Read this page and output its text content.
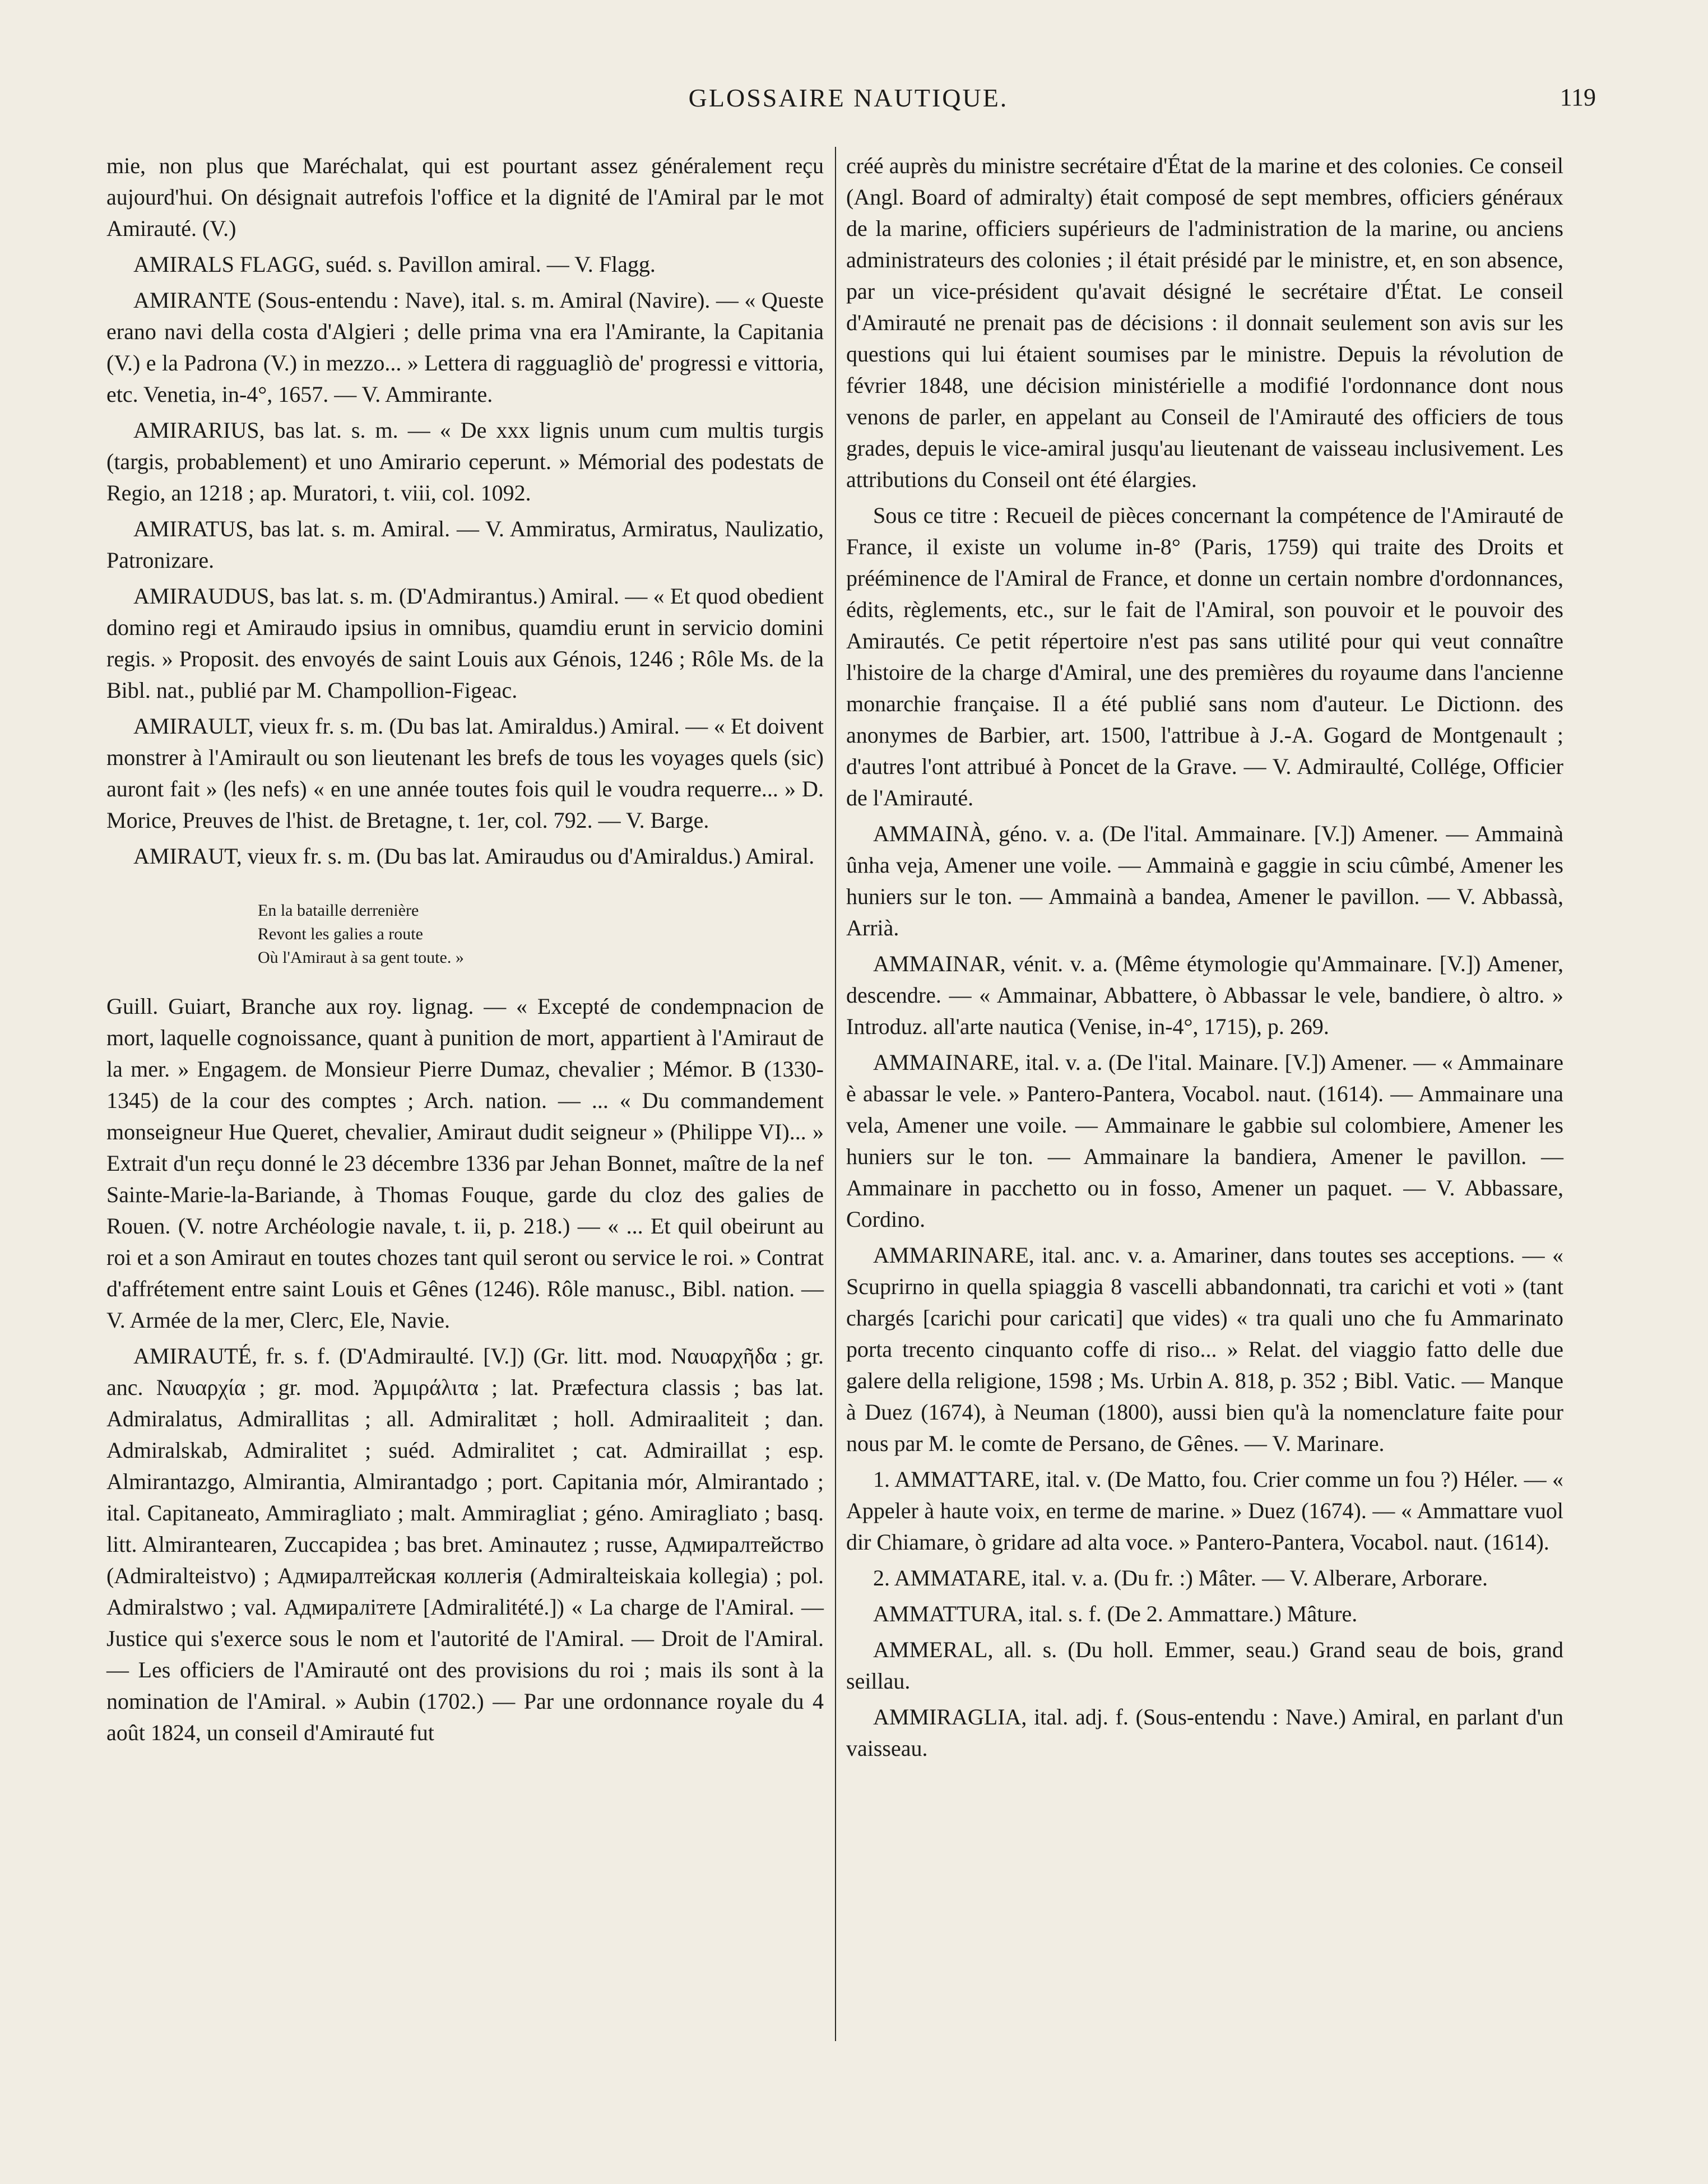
GLOSSAIRE NAUTIQUE.	119

mie, non plus que Maréchalat, qui est pourtant assez généralement reçu aujourd'hui. On désignait autrefois l'office et la dignité de l'Amiral par le mot Amirauté. (V.)

AMIRALS FLAGG, suéd. s. Pavillon amiral. — V. Flagg.

AMIRANTE (Sous-entendu : Nave), ital. s. m. Amiral (Navire). — « Queste erano navi della costa d'Algieri ; delle prima vna era l'Amirante, la Capitania (V.) e la Padrona (V.) in mezzo... » Lettera di ragguagliò de' progressi e vittoria, etc. Venetia, in-4°, 1657. — V. Ammirante.

AMIRARIUS, bas lat. s. m. — « De xxx lignis unum cum multis turgis (targis, probablement) et uno Amirario ceperunt. » Mémorial des podestats de Regio, an 1218 ; ap. Muratori, t. viii, col. 1092.

AMIRATUS, bas lat. s. m. Amiral. — V. Ammiratus, Armiratus, Naulizatio, Patronizare.

AMIRAUDUS, bas lat. s. m. (D'Admirantus.) Amiral. — « Et quod obedient domino regi et Amiraudo ipsius in omnibus, quamdiu erunt in servicio domini regis. » Proposit. des envoyés de saint Louis aux Génois, 1246 ; Rôle Ms. de la Bibl. nat., publié par M. Champollion-Figeac.

AMIRAULT, vieux fr. s. m. (Du bas lat. Amiraldus.) Amiral. — « Et doivent monstrer à l'Amirault ou son lieutenant les brefs de tous les voyages quels (sic) auront fait » (les nefs) « en une année toutes fois quil le voudra requerre... » D. Morice, Preuves de l'hist. de Bretagne, t. 1er, col. 792. — V. Barge.

AMIRAUT, vieux fr. s. m. (Du bas lat. Amiraudus ou d'Amiraldus.) Amiral.

En la bataille derrenière
Revont les galies a route
Où l'Amiraut à sa gent toute. »

Guill. Guiart, Branche aux roy. lignag. — « Excepté de condempnacion de mort, laquelle cognoissance, quant à punition de mort, appartient à l'Amiraut de la mer. » Engagem. de Monsieur Pierre Dumaz, chevalier ; Mémor. B (1330-1345) de la cour des comptes ; Arch. nation. — ... « Du commandement monseigneur Hue Queret, chevalier, Amiraut dudit seigneur » (Philippe VI)... » Extrait d'un reçu donné le 23 décembre 1336 par Jehan Bonnet, maître de la nef Sainte-Marie-la-Bariande, à Thomas Fouque, garde du cloz des galies de Rouen. (V. notre Archéologie navale, t. ii, p. 218.) — « ... Et quil obeirunt au roi et a son Amiraut en toutes chozes tant quil seront ou service le roi. » Contrat d'affrétement entre saint Louis et Gênes (1246). Rôle manusc., Bibl. nation. — V. Armée de la mer, Clerc, Ele, Navie.

AMIRAUTÉ, fr. s. f. (D'Admiraulté. [V.]) (Gr. litt. mod. Ναυαρχῆδα ; gr. anc. Ναυαρχία ; gr. mod. Ἀρμιράλιτα ; lat. Præfectura classis ; bas lat. Admiralatus, Admirallitas ; all. Admiralitæt ; holl. Admiraaliteit ; dan. Admiralskab, Admiralitet ; suéd. Admiralitet ; cat. Admiraillat ; esp. Almirantazgo, Almirantia, Almirantadgo ; port. Capitania mór, Almirantado ; ital. Capitaneato, Ammiragliato ; malt. Ammiragliat ; géno. Amiragliato ; basq. litt. Almirantearen, Zuccapidea ; bas bret. Aminautez ; russe, Адмиралтейство (Admiralteistvo) ; Адмиралтейская коллегія (Admiralteiskaia kollegia) ; pol. Admiralstwo ; val. Адмиралітете [Admiralitété.]) « La charge de l'Amiral. — Justice qui s'exerce sous le nom et l'autorité de l'Amiral. — Droit de l'Amiral. — Les officiers de l'Amirauté ont des provisions du roi ; mais ils sont à la nomination de l'Amiral. » Aubin (1702.) — Par une ordonnance royale du 4 août 1824, un conseil d'Amirauté fut

créé auprès du ministre secrétaire d'État de la marine et des colonies. Ce conseil (Angl. Board of admiralty) était composé de sept membres, officiers généraux de la marine, officiers supérieurs de l'administration de la marine, ou anciens administrateurs des colonies ; il était présidé par le ministre, et, en son absence, par un vice-président qu'avait désigné le secrétaire d'État. Le conseil d'Amirauté ne prenait pas de décisions : il donnait seulement son avis sur les questions qui lui étaient soumises par le ministre. Depuis la révolution de février 1848, une décision ministérielle a modifié l'ordonnance dont nous venons de parler, en appelant au Conseil de l'Amirauté des officiers de tous grades, depuis le vice-amiral jusqu'au lieutenant de vaisseau inclusivement. Les attributions du Conseil ont été élargies.

Sous ce titre : Recueil de pièces concernant la compétence de l'Amirauté de France, il existe un volume in-8° (Paris, 1759) qui traite des Droits et prééminence de l'Amiral de France, et donne un certain nombre d'ordonnances, édits, règlements, etc., sur le fait de l'Amiral, son pouvoir et le pouvoir des Amirautés. Ce petit répertoire n'est pas sans utilité pour qui veut connaître l'histoire de la charge d'Amiral, une des premières du royaume dans l'ancienne monarchie française. Il a été publié sans nom d'auteur. Le Dictionn. des anonymes de Barbier, art. 1500, l'attribue à J.-A. Gogard de Montgenault ; d'autres l'ont attribué à Poncet de la Grave. — V. Admiraulté, Collége, Officier de l'Amirauté.

AMMAINÀ, géno. v. a. (De l'ital. Ammainare. [V.]) Amener. — Ammainà ûnha veja, Amener une voile. — Ammainà e gaggie in sciu cûmbé, Amener les huniers sur le ton. — Ammainà a bandea, Amener le pavillon. — V. Abbassà, Arrià.

AMMAINAR, vénit. v. a. (Même étymologie qu'Ammainare. [V.]) Amener, descendre. — « Ammainar, Abbattere, ò Abbassar le vele, bandiere, ò altro. » Introduz. all'arte nautica (Venise, in-4°, 1715), p. 269.

AMMAINARE, ital. v. a. (De l'ital. Mainare. [V.]) Amener. — « Ammainare è abassar le vele. » Pantero-Pantera, Vocabol. naut. (1614). — Ammainare una vela, Amener une voile. — Ammainare le gabbie sul colombiere, Amener les huniers sur le ton. — Ammainare la bandiera, Amener le pavillon. — Ammainare in pacchetto ou in fosso, Amener un paquet. — V. Abbassare, Cordino.

AMMARINARE, ital. anc. v. a. Amariner, dans toutes ses acceptions. — « Scuprirno in quella spiaggia 8 vascelli abbandonnati, tra carichi et voti » (tant chargés [carichi pour caricati] que vides) « tra quali uno che fu Ammarinato porta trecento cinquanto coffe di riso... » Relat. del viaggio fatto delle due galere della religione, 1598 ; Ms. Urbin A. 818, p. 352 ; Bibl. Vatic. — Manque à Duez (1674), à Neuman (1800), aussi bien qu'à la nomenclature faite pour nous par M. le comte de Persano, de Gênes. — V. Marinare.

1. AMMATTARE, ital. v. (De Matto, fou. Crier comme un fou ?) Héler. — « Appeler à haute voix, en terme de marine. » Duez (1674). — « Ammattare vuol dir Chiamare, ò gridare ad alta voce. » Pantero-Pantera, Vocabol. naut. (1614).

2. AMMATARE, ital. v. a. (Du fr. :) Mâter. — V. Alberare, Arborare.

AMMATTURA, ital. s. f. (De 2. Ammattare.) Mâture.

AMMERAL, all. s. (Du holl. Emmer, seau.) Grand seau de bois, grand seillau.

AMMIRAGLIA, ital. adj. f. (Sous-entendu : Nave.) Amiral, en parlant d'un vaisseau.
